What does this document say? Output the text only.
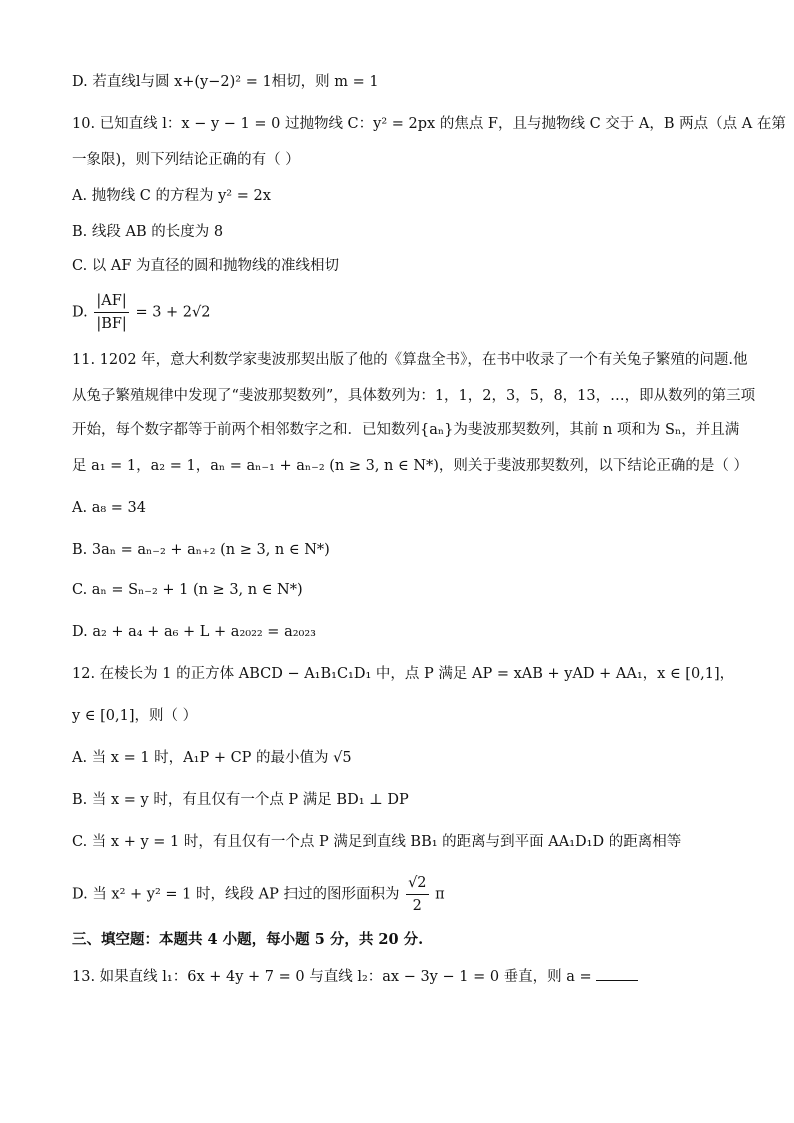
D. 若直线l与圆 x+(y−2)² = 1相切，则 m = 1
10. 已知直线 l：x − y − 1 = 0 过抛物线 C：y² = 2px 的焦点 F，且与抛物线 C 交于 A，B 两点（点 A 在第
一象限)，则下列结论正确的有（ ）
A. 抛物线 C 的方程为 y² = 2x
B. 线段 AB 的长度为 8
C. 以 AF 为直径的圆和抛物线的准线相切
D. $\frac{|AF|}{|BF|} = 3 + 2√2$
11. 1202 年，意大利数学家斐波那契出版了他的《算盘全书》，在书中收录了一个有关兔子繁殖的问题.他
从兔子繁殖规律中发现了“斐波那契数列”，具体数列为：1，1，2，3，5，8，13，…，即从数列的第三项
开始，每个数字都等于前两个相邻数字之和．已知数列{aₙ}为斐波那契数列，其前 n 项和为 Sₙ，并且满
足 a₁ = 1，a₂ = 1，aₙ = aₙ₋₁ + aₙ₋₂ (n ≥ 3, n ∈ N*)，则关于斐波那契数列，以下结论正确的是（ ）
A. a₈ = 34
B. 3aₙ = aₙ₋₂ + aₙ₊₂ (n ≥ 3, n ∈ N*)
C. aₙ = Sₙ₋₂ + 1 (n ≥ 3, n ∈ N*)
D. a₂ + a₄ + a₆ + L + a₂₀₂₂ = a₂₀₂₃
12. 在棱长为 1 的正方体 ABCD − A₁B₁C₁D₁ 中，点 P 满足 AP = xAB + yAD + AA₁，x ∈ [0,1]，
y ∈ [0,1]，则（ ）
A. 当 x = 1 时，A₁P + CP 的最小值为 √5
B. 当 x = y 时，有且仅有一个点 P 满足 BD₁ ⊥ DP
C. 当 x + y = 1 时，有且仅有一个点 P 满足到直线 BB₁ 的距离与到平面 AA₁D₁D 的距离相等
D. 当 x² + y² = 1 时，线段 AP 扫过的图形面积为 $\frac{√2}{2}$ π
三、填空题：本题共 4 小题，每小题 5 分，共 20 分.
13. 如果直线 l₁：6x + 4y + 7 = 0 与直线 l₂：ax − 3y − 1 = 0 垂直，则 a =
